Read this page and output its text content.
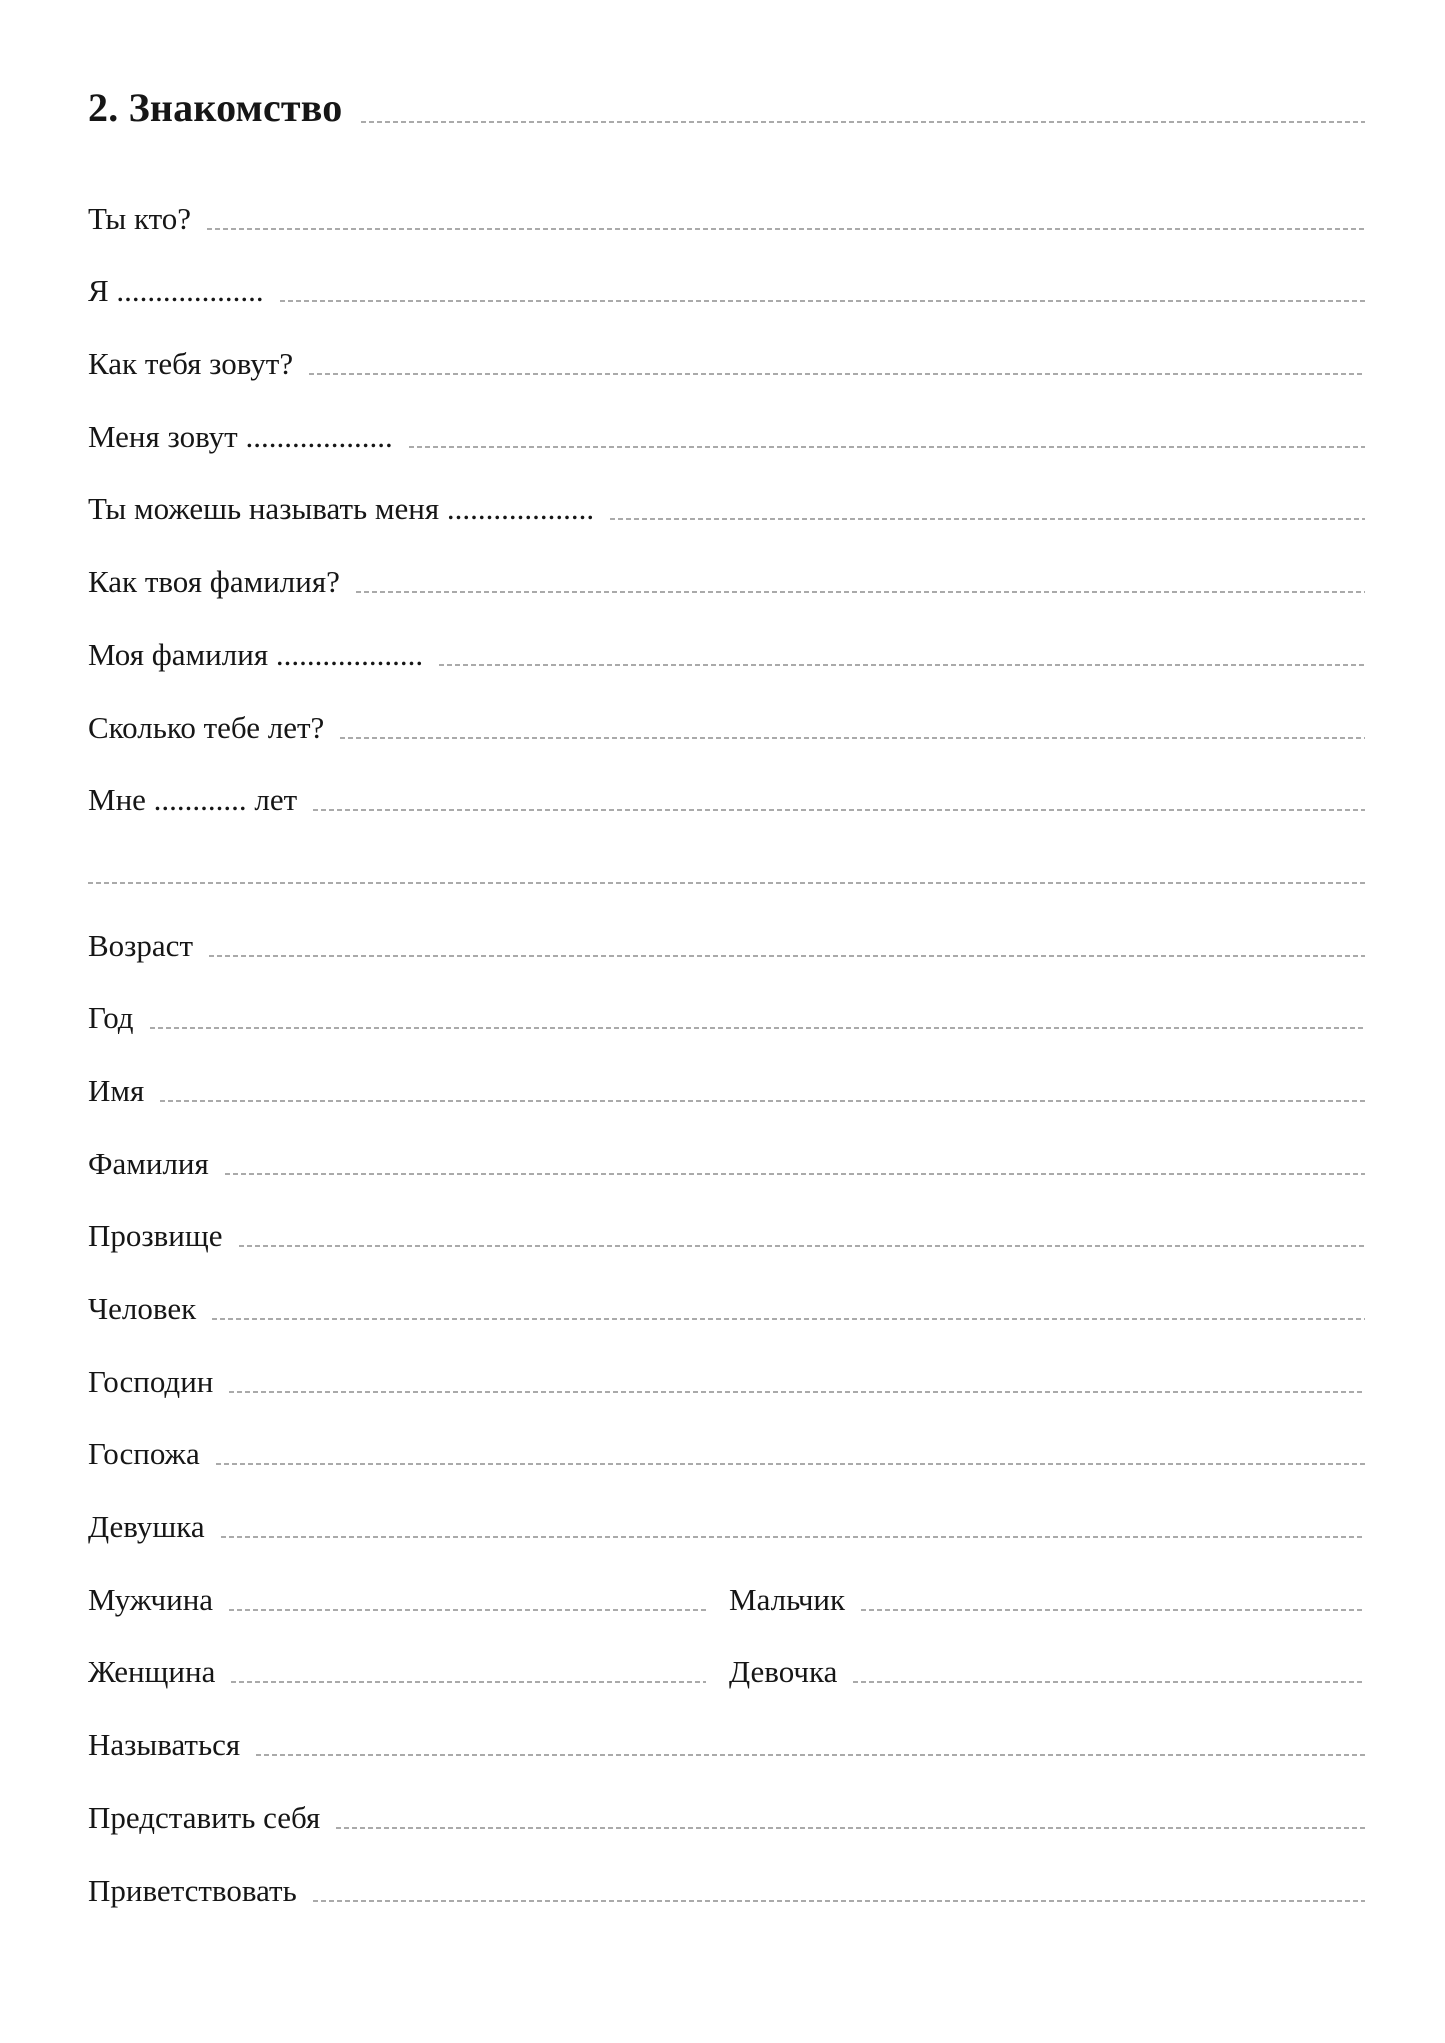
2. Знакомство
Ты кто?
Я ...................
Как тебя зовут?
Меня зовут ...................
Ты можешь называть меня ...................
Как твоя фамилия?
Моя фамилия ...................
Сколько тебе лет?
Мне ............ лет
Возраст
Год
Имя
Фамилия
Прозвище
Человек
Господин
Госпожа
Девушка
Мужчина	Мальчик
Женщина	Девочка
Называться
Представить себя
Приветствовать
